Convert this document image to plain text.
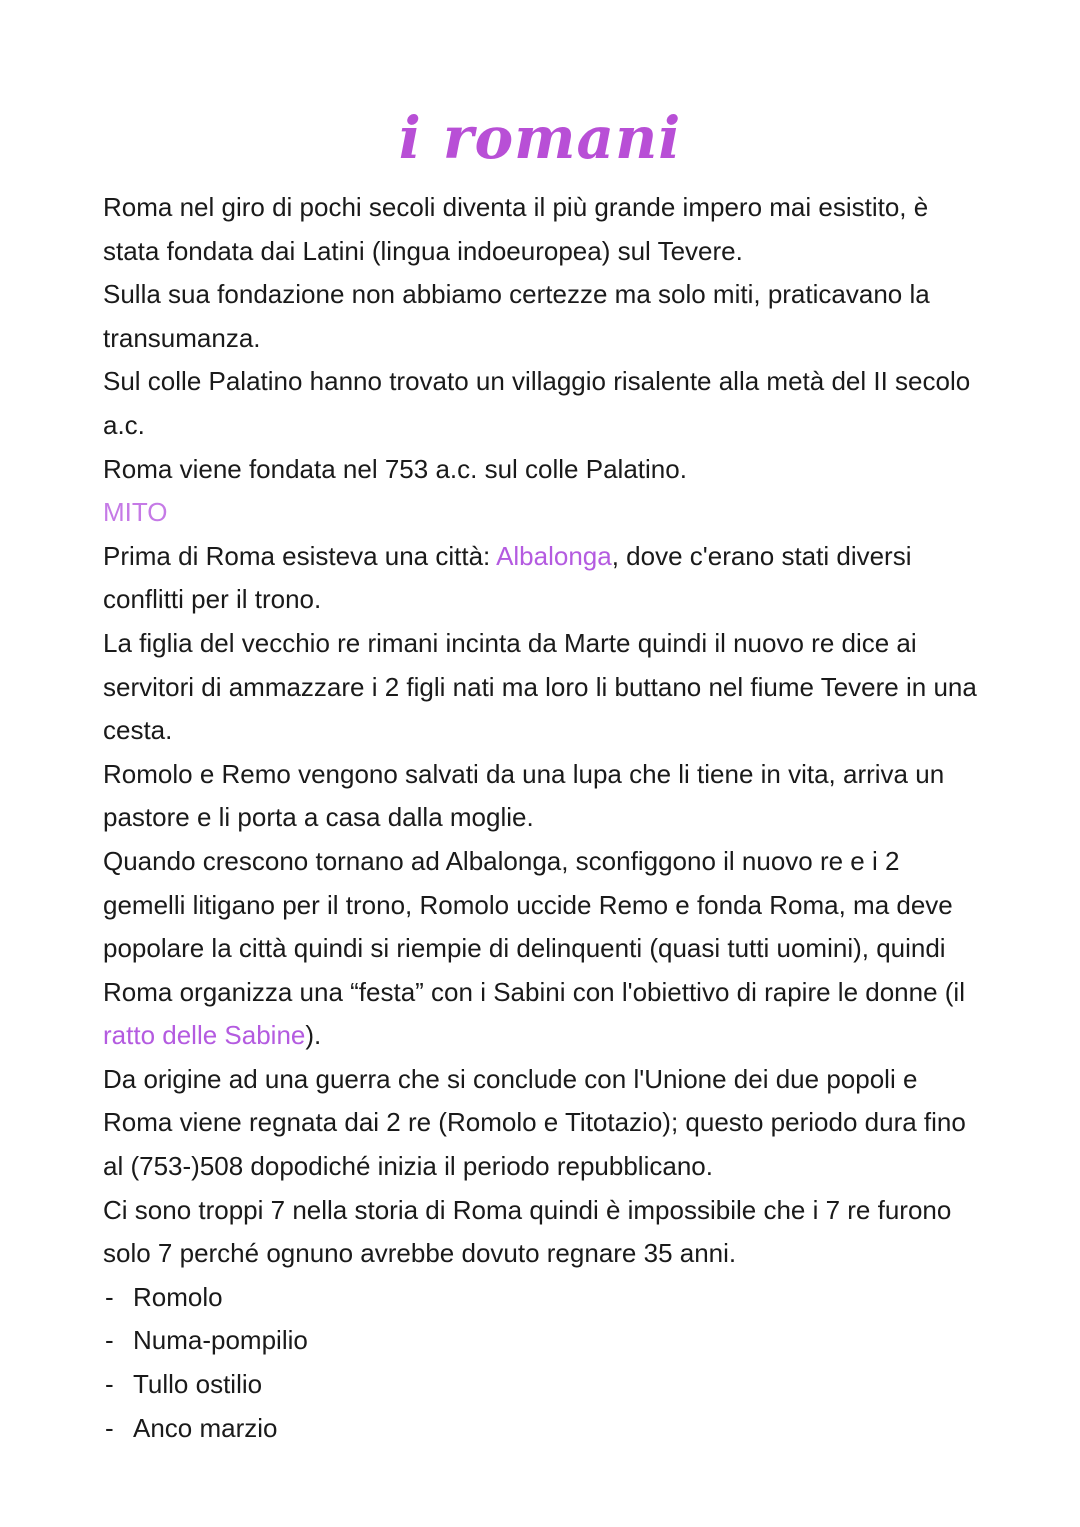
i romani

Roma nel giro di pochi secoli diventa il più grande impero mai esistito, è stata fondata dai Latini (lingua indoeuropea) sul Tevere.

Sulla sua fondazione non abbiamo certezze ma solo miti, praticavano la transumanza.

Sul colle Palatino hanno trovato un villaggio risalente alla metà del II secolo a.c.

Roma viene fondata nel 753 a.c. sul colle Palatino.

MITO

Prima di Roma esisteva una città: Albalonga, dove c'erano stati diversi conflitti per il trono.

La figlia del vecchio re rimani incinta da Marte quindi il nuovo re dice ai servitori di ammazzare i 2 figli nati ma loro li buttano nel fiume Tevere in una cesta.

Romolo e Remo vengono salvati da una lupa che li tiene in vita, arriva un pastore e li porta a casa dalla moglie.

Quando crescono tornano ad Albalonga, sconfiggono il nuovo re e i 2 gemelli litigano per il trono, Romolo uccide Remo e fonda Roma, ma deve popolare la città quindi si riempie di delinquenti (quasi tutti uomini), quindi Roma organizza una “festa” con i Sabini con l'obiettivo di rapire le donne (il ratto delle Sabine).

Da origine ad una guerra che si conclude con l'Unione dei due popoli e Roma viene regnata dai 2 re (Romolo e Titotazio); questo periodo dura fino al (753-)508 dopodiché inizia il periodo repubblicano.

Ci sono troppi 7 nella storia di Roma quindi è impossibile che i 7 re furono solo 7 perché ognuno avrebbe dovuto regnare 35 anni.

- Romolo
- Numa-pompilio
- Tullo ostilio
- Anco marzio
